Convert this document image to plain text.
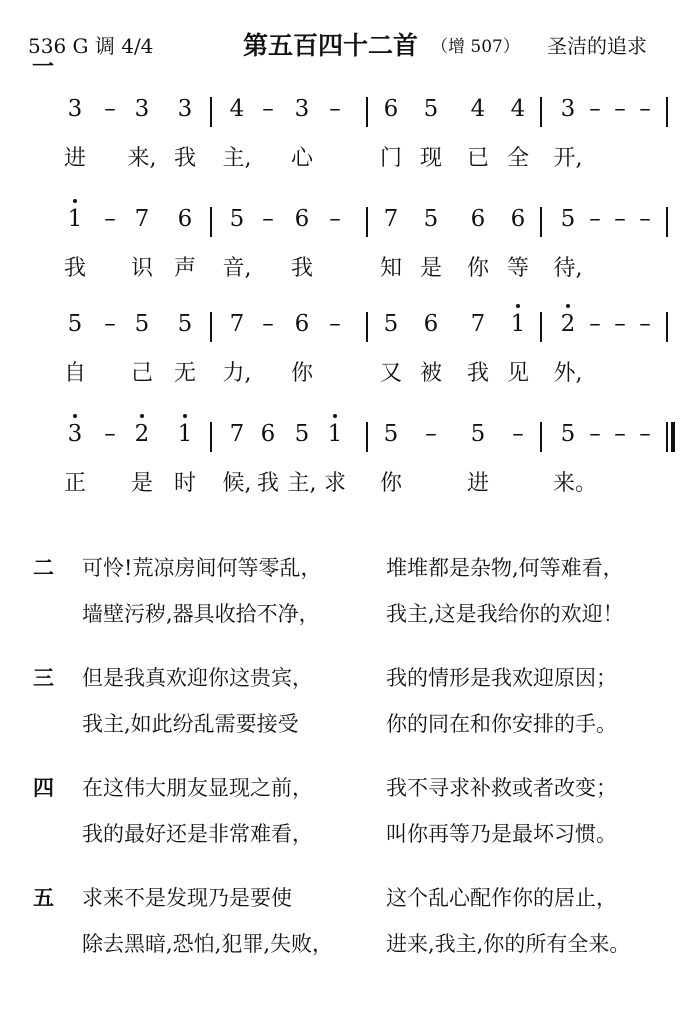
536 G 调 4/4	第五百四十二首 （增 507） 圣洁的追求
一
3 – 3	3	4 – 3 –	6	5	4	4	3 – – –
进 来, 我 主, 心	门 现 已 全 开,
1 – 7	6	5 – 6 –	7	5	6	6	5 – – –
我 识 声 音, 我	知 是 你 等 待,
5 – 5	5	7 – 6 –	5	6	7	1	2 – – –
自 己 无 力, 你	又 被 我 见 外,
3 – 2	1	7 6 5 1	5	–	5	–	5 – – –
正 是 时 候, 我 主, 求 你	进	来。
二 可怜!荒凉房间何等零乱，	堆堆都是杂物,何等难看，
墙壁污秽,器具收拾不净，	我主,这是我给你的欢迎！
三 但是我真欢迎你这贵宾，	我的情形是我欢迎原因；
我主,如此纷乱需要接受	你的同在和你安排的手。
四 在这伟大朋友显现之前，	我不寻求补救或者改变；
我的最好还是非常难看，	叫你再等乃是最坏习惯。
五 求来不是发现乃是要使	这个乱心配作你的居止，
除去黑暗,恐怕,犯罪,失败，	进来,我主,你的所有全来。
